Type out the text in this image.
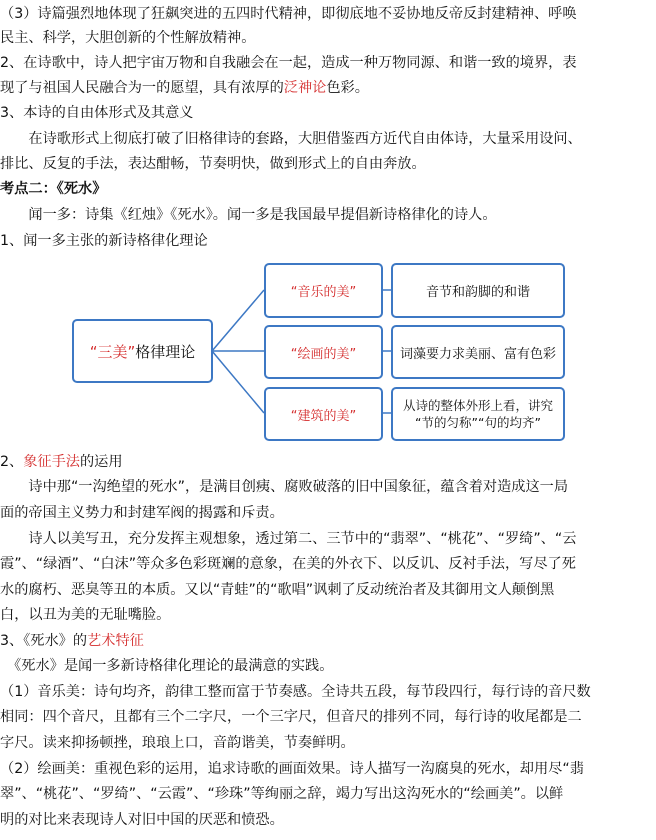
（3）诗篇强烈地体现了狂飙突进的五四时代精神，即彻底地不妥协地反帝反封建精神、呼唤
民主、科学，大胆创新的个性解放精神。
2、在诗歌中，诗人把宇宙万物和自我融会在一起，造成一种万物同源、和谐一致的境界，表
现了与祖国人民融合为一的愿望，具有浓厚的泛神论色彩。
3、本诗的自由体形式及其意义
　　在诗歌形式上彻底打破了旧格律诗的套路，大胆借鉴西方近代自由体诗，大量采用设问、
排比、反复的手法，表达酣畅，节奏明快，做到形式上的自由奔放。
考点二：《死水》
　　闻一多：诗集《红烛》《死水》。闻一多是我国最早提倡新诗格律化的诗人。
1、闻一多主张的新诗格律化理论
“三美” 格律理论
“音乐的美”
“绘画的美”
“建筑的美”
音节和韵脚的和谐
词藻要力求美丽、富有色彩
从诗的整体外形上看，讲究
“节的匀称”“句的均齐”
2、象征手法的运用
　　诗中那“一沟绝望的死水”，是满目创痍、腐败破落的旧中国象征，蕴含着对造成这一局
面的帝国主义势力和封建军阀的揭露和斥责。
　　诗人以美写丑，充分发挥主观想象，透过第二、三节中的“翡翠”、“桃花”、“罗绮”、“云
霞”、“绿酒”、“白沫”等众多色彩斑斓的意象，在美的外衣下、以反讥、反衬手法，写尽了死
水的腐朽、恶臭等丑的本质。又以“青蛙”的“歌唱”讽刺了反动统治者及其御用文人颠倒黑
白，以丑为美的无耻嘴脸。
3、《死水》的艺术特征
　《死水》是闻一多新诗格律化理论的最满意的实践。
（1）音乐美：诗句均齐，韵律工整而富于节奏感。全诗共五段，每节段四行，每行诗的音尺数
相同：四个音尺，且都有三个二字尺，一个三字尺，但音尺的排列不同，每行诗的收尾都是二
字尺。读来抑扬顿挫，琅琅上口，音韵谐美，节奏鲜明。
（2）绘画美：重视色彩的运用，追求诗歌的画面效果。诗人描写一沟腐臭的死水，却用尽“翡
翠”、“桃花”、“罗绮”、“云霞”、“珍珠”等绚丽之辞，竭力写出这沟死水的“绘画美”。以鲜
明的对比来表现诗人对旧中国的厌恶和愤恐。
